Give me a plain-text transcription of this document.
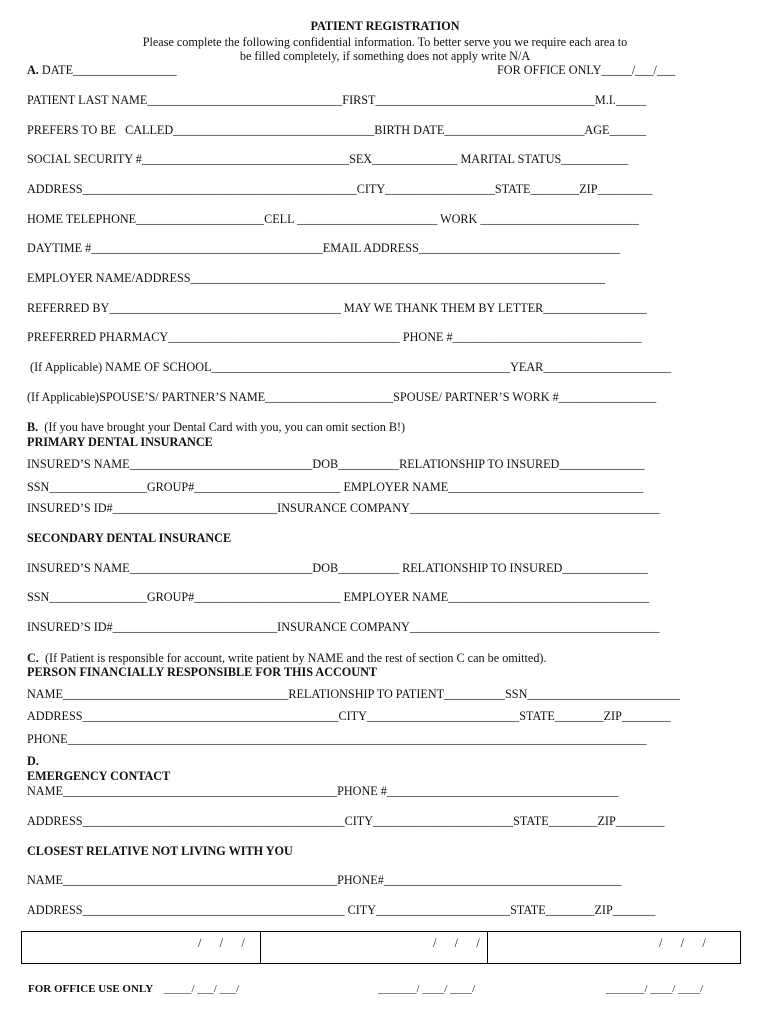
PATIENT REGISTRATION
Please complete the following confidential information. To better serve you we require each area to
be filled completely, if something does not apply write N/A
A. DATE_________________	FOR OFFICE ONLY_____/___/___
PATIENT LAST NAME________________________________FIRST____________________________________M.I._____
PREFERS TO BE   CALLED_________________________________BIRTH DATE_______________________AGE______
SOCIAL SECURITY #__________________________________SEX______________ MARITAL STATUS___________
ADDRESS_____________________________________________CITY__________________STATE________ZIP_________
HOME TELEPHONE_____________________CELL _______________________ WORK __________________________
DAYTIME #______________________________________EMAIL ADDRESS_________________________________
EMPLOYER NAME/ADDRESS____________________________________________________________________
REFERRED BY______________________________________ MAY WE THANK THEM BY LETTER_________________
PREFERRED PHARMACY______________________________________ PHONE #_______________________________
(If Applicable) NAME OF SCHOOL_________________________________________________YEAR_____________________
(If Applicable)SPOUSE’S/ PARTNER’S NAME_____________________SPOUSE/ PARTNER’S WORK #________________
B.  (If you have brought your Dental Card with you, you can omit section B!)
PRIMARY DENTAL INSURANCE
INSURED’S NAME______________________________DOB__________RELATIONSHIP TO INSURED______________
SSN________________GROUP#________________________ EMPLOYER NAME________________________________
INSURED’S ID#___________________________INSURANCE COMPANY_________________________________________
SECONDARY DENTAL INSURANCE
INSURED’S NAME______________________________DOB__________ RELATIONSHIP TO INSURED______________
SSN________________GROUP#________________________ EMPLOYER NAME_________________________________
INSURED’S ID#___________________________INSURANCE COMPANY_________________________________________
C.  (If Patient is responsible for account, write patient by NAME and the rest of section C can be omitted).
PERSON FINANCIALLY RESPONSIBLE FOR THIS ACCOUNT
NAME_____________________________________RELATIONSHIP TO PATIENT__________SSN_________________________
ADDRESS__________________________________________CITY_________________________STATE________ZIP________
PHONE_______________________________________________________________________________________________
D.
EMERGENCY CONTACT
NAME_____________________________________________PHONE #______________________________________
ADDRESS___________________________________________CITY_______________________STATE________ZIP________
CLOSEST RELATIVE NOT LIVING WITH YOU
NAME_____________________________________________PHONE#_______________________________________
ADDRESS___________________________________________ CITY______________________STATE________ZIP_______
/      /      /	/      /      /	/      /      /
FOR OFFICE USE ONLY _____/ ___/ ___/	_______/ ____/ ____/	_______/ ____/ ____/
